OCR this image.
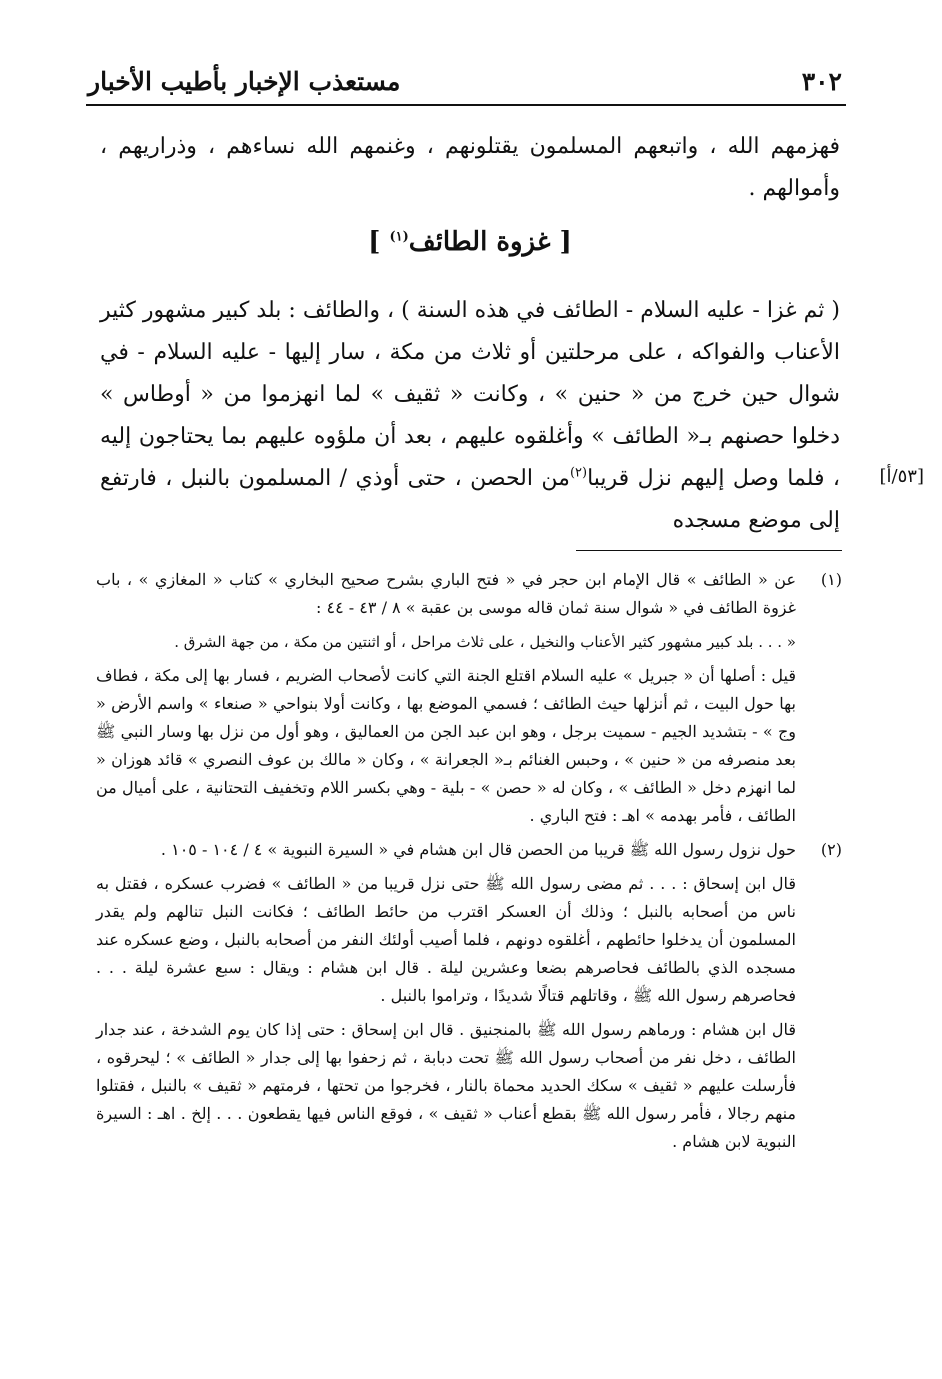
٣٠٢
مستعذب الإخبار بأطيب الأخبار

فهزمهم الله ، واتبعهم المسلمون يقتلونهم ، وغنمهم الله نساءهم ، وذراريهم ، وأموالهم .

[ غزوة الطائف$^{(١)}$ ]

( ثم غزا - عليه السلام - الطائف في هذه السنة ) ، والطائف : بلد كبير مشهور كثير الأعناب والفواكه ، على مرحلتين أو ثلاث من مكة ، سار إليها - عليه السلام - في شوال حين خرج من « حنين » ، وكانت « ثقيف » لما انهزموا من « أوطاس » دخلوا حصنهم بـ« الطائف » وأغلقوه عليهم ، بعد أن ملؤوه عليهم بما يحتاجون إليه ، فلما وصل إليهم نزل قريبا$^{(٢)}$من الحصن ، حتى أوذي / المسلمون بالنبل ، فارتفع إلى موضع مسجده

[٥٣/أ]
(١)

عن « الطائف » قال الإمام ابن حجر في « فتح الباري بشرح صحيح البخاري » كتاب « المغازي » ، باب غزوة الطائف في « شوال سنة ثمان قاله موسى بن عقبة » ٨ / ٤٣ - ٤٤ :

« . . . بلد كبير مشهور كثير الأعناب والنخيل ، على ثلاث مراحل ، أو اثنتين من مكة ، من جهة الشرق .

قيل : أصلها أن « جبريل » عليه السلام اقتلع الجنة التي كانت لأصحاب الضريم ، فسار بها إلى مكة ، فطاف بها حول البيت ، ثم أنزلها حيث الطائف ؛ فسمي الموضع بها ، وكانت أولا بنواحي « صنعاء » واسم الأرض « وج » - بتشديد الجيم - سميت برجل ، وهو ابن عبد الجن من العماليق ، وهو أول من نزل بها وسار النبي ﷺ بعد منصرفه من « حنين » ، وحبس الغنائم بـ« الجعرانة » ، وكان « مالك بن عوف النصري » قائد هوزان « لما انهزم دخل « الطائف » ، وكان له « حصن » - بلية - وهي بكسر اللام وتخفيف التحتانية ، على أميال من الطائف ، فأمر بهدمه » اهـ : فتح الباري .

(٢)

حول نزول رسول الله ﷺ قريبا من الحصن قال ابن هشام في « السيرة النبوية » ٤ / ١٠٤ - ١٠٥ .

قال ابن إسحاق : . . . ثم مضى رسول الله ﷺ حتى نزل قريبا من « الطائف » فضرب عسكره ، فقتل به ناس من أصحابه بالنبل ؛ وذلك أن العسكر اقترب من حائط الطائف ؛ فكانت النبل تنالهم ولم يقدر المسلمون أن يدخلوا حائطهم ، أغلقوه دونهم ، فلما أصيب أولئك النفر من أصحابه بالنبل ، وضع عسكره عند مسجده الذي بالطائف فحاصرهم بضعا وعشرين ليلة . قال ابن هشام : ويقال : سبع عشرة ليلة . . . فحاصرهم رسول الله ﷺ ، وقاتلهم قتالًا شديدًا ، وتراموا بالنبل .

قال ابن هشام : ورماهم رسول الله ﷺ بالمنجنيق . قال ابن إسحاق : حتى إذا كان يوم الشدخة ، عند جدار الطائف ، دخل نفر من أصحاب رسول الله ﷺ تحت دبابة ، ثم زحفوا بها إلى جدار « الطائف » ؛ ليحرقوه ، فأرسلت عليهم « ثقيف » سكك الحديد محماة بالنار ، فخرجوا من تحتها ، فرمتهم « ثقيف » بالنبل ، فقتلوا منهم رجالا ، فأمر رسول الله ﷺ بقطع أعناب « ثقيف » ، فوقع الناس فيها يقطعون . . . إلخ . اهـ : السيرة النبوية لابن هشام .
